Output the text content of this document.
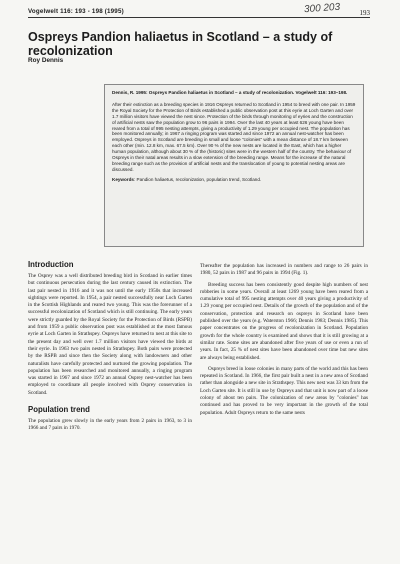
Vogelwelt 116: 193 - 198 (1995)	300 203	193
Ospreys Pandion haliaetus in Scotland – a study of recolonization
Roy Dennis
Dennis, R. 1995: Ospreys Pandion haliaetus in Scotland – a study of recolonization. Vogelwelt 116: 193–198.
After their extinction as a breeding species in 1916 Ospreys returned to Scotland in 1954 to breed with one pair. In 1959 the Royal Society for the Protection of Birds established a public observation post at this eyrie at Loch Garten and over 1.7 million visitors have viewed the nest since. Protection of the birds through monitoring of eyries and the construction of artificial nests saw the population grow to 96 pairs in 1994. Over the last 40 years at least 626 young have been reared from a total of 995 nesting attempts, giving a productivity of 1.29 young per occupied nest. The population has been monitored annually; in 1967 a ringing program was started and since 1972 an annual nest-watcher has been employed. Ospreys in Scotland are breeding in small and loose "colonies" with a mean distance of 18.7 km between each other (min. 12.8 km, max. 67.5 km). Over 90 % of the new nests are located in the East, which has a higher human population, although about 30 % of the (historic) sites were in the western half of the country. The behaviour of Ospreys in their natal areas results in a slow extension of the breeding range. Means for the increase of the natural breeding range such as the provision of artificial nests and the translocation of young to potential nesting areas are discussed.
Keywords: Pandion haliaetus, recolonization, population trend, Scotland.
Introduction

The Osprey was a well distributed breeding bird in Scotland in earlier times but continuous persecution during the last century caused its extinction. The last pair nested in 1916 and it was not until the early 1950s that increased sightings were reported. In 1954, a pair nested successfully near Loch Garten in the Scottish Highlands and reared two young. This was the forerunner of a successful recolonization of Scotland which is still continuing. The early years were strictly guarded by the Royal Society for the Protection of Birds (RSPB) and from 1959 a public observation post was established at the most famous eyrie at Loch Garten in Strathspey. Ospreys have returned to nest at this site to the present day and well over 1.7 million visitors have viewed the birds at their eyrie. In 1963 two pairs nested in Strathspey. Both pairs were protected by the RSPB and since then the Society along with landowners and other naturalists have carefully protected and nurtured the growing population. The population has been researched and monitored annually, a ringing program was started in 1967 and since 1972 an annual Osprey nest-watcher has been employed to coordinate all people involved with Osprey conservation in Scotland.

Population trend

The population grew slowly in the early years from 2 pairs in 1963, to 3 in 1966 and 7 pairs in 1970.

Thereafter the population has increased in numbers and range to 26 pairs in 1980, 52 pairs in 1987 and 96 pairs in 1994 (Fig. 1).

Breeding success has been consistently good despite high numbers of nest robberies in some years. Overall at least 1269 young have been reared from a cumulative total of 995 nesting attempts over 40 years giving a productivity of 1.29 young per occupied nest. Details of the growth of the population and of the conservation, protection and research on ospreys in Scotland have been published over the years (e.g. Waterston 1966; Dennis 1983; Dennis 1985). This paper concentrates on the progress of recolonization in Scotland. Population growth for the whole country is examined and shows that it is still growing at a similar rate. Some sites are abandoned after five years of use or even a run of years. In fact, 25 % of nest sites have been abandoned over time but new sites are always being established.

Ospreys breed in loose colonies in many parts of the world and this has been repeated in Scotland. In 1966, the first pair built a nest in a new area of Scotland rather than alongside a new site in Strathspey. This new nest was 33 km from the Loch Garten site. It is still in use by Ospreys and that unit is now part of a loose colony of about ten pairs. The colonization of new areas by "colonies" has continued and has proved to be very important in the growth of the total population. Adult Ospreys return to the same nests
